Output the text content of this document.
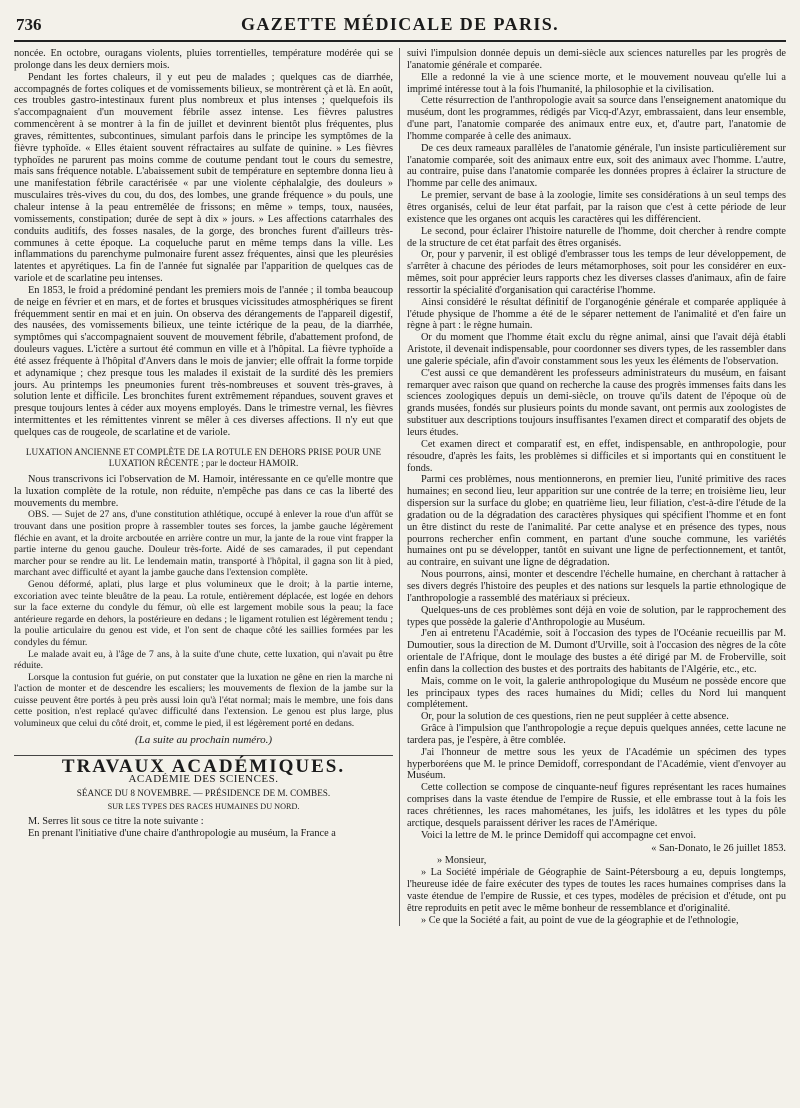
736	GAZETTE MÉDICALE DE PARIS.

noncée. En octobre, ouragans violents, pluies torrentielles, température modérée qui se prolonge dans les deux derniers mois.

Pendant les fortes chaleurs, il y eut peu de malades ; quelques cas de diarrhée, accompagnés de fortes coliques et de vomissements bilieux, se montrèrent çà et là. En août, ces troubles gastro-intestinaux furent plus nombreux et plus intenses ; quelquefois ils s'accompagnaient d'un mouvement fébrile assez intense. Les fièvres palustres commencèrent à se montrer à la fin de juillet et devinrent bientôt plus fréquentes, plus graves, rémittentes, subcontinues, simulant parfois dans le principe les symptômes de la fièvre typhoïde. « Elles étaient souvent réfractaires au sulfate de quinine. » Les fièvres typhoïdes ne parurent pas moins comme de coutume pendant tout le cours du semestre, mais sans fréquence notable. L'abaissement subit de température en septembre donna lieu à une manifestation fébrile caractérisée « par une violente céphalalgie, des douleurs » musculaires très-vives du cou, du dos, des lombes, une grande fréquence » du pouls, une chaleur intense à la peau entremêlée de frissons; en même » temps, toux, nausées, vomissements, constipation; durée de sept à dix » jours. » Les affections catarrhales des conduits auditifs, des fosses nasales, de la gorge, des bronches furent d'ailleurs très-communes à cette époque. La coqueluche parut en même temps dans la ville. Les inflammations du parenchyme pulmonaire furent assez fréquentes, ainsi que les pleurésies latentes et apyrétiques. La fin de l'année fut signalée par l'apparition de quelques cas de variole et de scarlatine peu intenses.

En 1853, le froid a prédominé pendant les premiers mois de l'année ; il tomba beaucoup de neige en février et en mars, et de fortes et brusques vicissitudes atmosphériques se firent fréquemment sentir en mai et en juin. On observa des dérangements de l'appareil digestif, des nausées, des vomissements bilieux, une teinte ictérique de la peau, de la diarrhée, symptômes qui s'accompagnaient souvent de mouvement fébrile, d'abattement profond, de douleurs vagues. L'ictère a surtout été commun en ville et à l'hôpital. La fièvre typhoïde a été assez fréquente à l'hôpital d'Anvers dans le mois de janvier; elle offrait la forme torpide et adynamique ; chez presque tous les malades il existait de la surdité dès les premiers jours. Au printemps les pneumonies furent très-nombreuses et souvent très-graves, à solution lente et difficile. Les bronchites furent extrêmement répandues, souvent graves et presque toujours lentes à céder aux moyens employés. Dans le trimestre vernal, les fièvres intermittentes et les rémittentes vinrent se mêler à ces diverses affections. Il n'y eut que quelques cas de rougeole, de scarlatine et de variole.

LUXATION ANCIENNE ET COMPLÈTE DE LA ROTULE EN DEHORS PRISE POUR UNE LUXATION RÉCENTE ; par le docteur HAMOIR.

Nous transcrivons ici l'observation de M. Hamoir, intéressante en ce qu'elle montre que la luxation complète de la rotule, non réduite, n'empêche pas dans ce cas la liberté des mouvements du membre.

OBS. — Sujet de 27 ans, d'une constitution athlétique, occupé à enlever la roue d'un affût se trouvant dans une position propre à rassembler toutes ses forces, la jambe gauche légèrement fléchie en avant, et la droite arcboutée en arrière contre un mur, la jante de la roue vint frapper la partie interne du genou gauche. Douleur très-forte. Aidé de ses camarades, il put cependant marcher pour se rendre au lit. Le lendemain matin, transporté à l'hôpital, il gagna son lit à pied, marchant avec difficulté et ayant la jambe gauche dans l'extension complète.

Genou déformé, aplati, plus large et plus volumineux que le droit; à la partie interne, excoriation avec teinte bleuâtre de la peau. La rotule, entièrement déplacée, est logée en dehors sur la face externe du condyle du fémur, où elle est largement mobile sous la peau; la face antérieure regarde en dehors, la postérieure en dedans ; le ligament rotulien est légèrement tendu ; la poulie articulaire du genou est vide, et l'on sent de chaque côté les saillies formées par les condyles du fémur.

Le malade avait eu, à l'âge de 7 ans, à la suite d'une chute, cette luxation, qui n'avait pu être réduite.

Lorsque la contusion fut guérie, on put constater que la luxation ne gêne en rien la marche ni l'action de monter et de descendre les escaliers; les mouvements de flexion de la jambe sur la cuisse peuvent être portés à peu près aussi loin qu'à l'état normal; mais le membre, une fois dans cette position, n'est replacé qu'avec difficulté dans l'extension. Le genou est plus large, plus volumineux que celui du côté droit, et, comme le pied, il est légèrement porté en dedans.

(La suite au prochain numéro.)

TRAVAUX ACADÉMIQUES.

ACADÉMIE DES SCIENCES.

SÉANCE DU 8 NOVEMBRE. — PRÉSIDENCE DE M. COMBES.

SUR LES TYPES DES RACES HUMAINES DU NORD.

M. Serres lit sous ce titre la note suivante :

En prenant l'initiative d'une chaire d'anthropologie au muséum, la France a

suivi l'impulsion donnée depuis un demi-siècle aux sciences naturelles par les progrès de l'anatomie générale et comparée.

Elle a redonné la vie à une science morte, et le mouvement nouveau qu'elle lui a imprimé intéresse tout à la fois l'humanité, la philosophie et la civilisation.

Cette résurrection de l'anthropologie avait sa source dans l'enseignement anatomique du muséum, dont les programmes, rédigés par Vicq-d'Azyr, embrassaient, dans leur ensemble, d'une part, l'anatomie comparée des animaux entre eux, et, d'autre part, l'anatomie de l'homme comparée à celle des animaux.

De ces deux rameaux parallèles de l'anatomie générale, l'un insiste particulièrement sur l'anatomie comparée, soit des animaux entre eux, soit des animaux avec l'homme. L'autre, au contraire, puise dans l'anatomie comparée les données propres à éclairer la structure de l'homme par celle des animaux.

Le premier, servant de base à la zoologie, limite ses considérations à un seul temps des êtres organisés, celui de leur état parfait, par la raison que c'est à cette période de leur existence que les organes ont acquis les caractères qui les différencient.

Le second, pour éclairer l'histoire naturelle de l'homme, doit chercher à rendre compte de la structure de cet état parfait des êtres organisés.

Or, pour y parvenir, il est obligé d'embrasser tous les temps de leur développement, de s'arrêter à chacune des périodes de leurs métamorphoses, soit pour les considérer en eux-mêmes, soit pour apprécier leurs rapports chez les diverses classes d'animaux, afin de faire ressortir la spécialité d'organisation qui caractérise l'homme.

Ainsi considéré le résultat définitif de l'organogénie générale et comparée appliquée à l'étude physique de l'homme a été de le séparer nettement de l'animalité et d'en faire un règne à part : le règne humain.

Or du moment que l'homme était exclu du règne animal, ainsi que l'avait déjà établi Aristote, il devenait indispensable, pour coordonner ses divers types, de les rassembler dans une galerie spéciale, afin d'avoir constamment sous les yeux les éléments de l'observation.

C'est aussi ce que demandèrent les professeurs administrateurs du muséum, en faisant remarquer avec raison que quand on recherche la cause des progrès immenses faits dans les sciences zoologiques depuis un demi-siècle, on trouve qu'ils datent de l'époque où de grands musées, fondés sur plusieurs points du monde savant, ont permis aux zoologistes de substituer aux descriptions toujours insuffisantes l'examen direct et comparatif des objets de leurs études.

Cet examen direct et comparatif est, en effet, indispensable, en anthropologie, pour résoudre, d'après les faits, les problèmes si difficiles et si importants qui en constituent le fonds.

Parmi ces problèmes, nous mentionnerons, en premier lieu, l'unité primitive des races humaines; en second lieu, leur apparition sur une contrée de la terre; en troisième lieu, leur dispersion sur la surface du globe; en quatrième lieu, leur filiation, c'est-à-dire l'étude de la gradation ou de la dégradation des caractères physiques qui spécifient l'homme et en font un être distinct du reste de l'animalité. Par cette analyse et en présence des types, nous pourrons rechercher enfin comment, en partant d'une souche commune, les variétés humaines ont pu se développer, tantôt en suivant une ligne de perfectionnement, et tantôt, au contraire, en suivant une ligne de dégradation.

Nous pourrons, ainsi, monter et descendre l'échelle humaine, en cherchant à rattacher à ses divers degrés l'histoire des peuples et des nations sur lesquels la partie ethnologique de l'anthropologie a rassemblé des matériaux si précieux.

Quelques-uns de ces problèmes sont déjà en voie de solution, par le rapprochement des types que possède la galerie d'Anthropologie au Muséum.

J'en ai entretenu l'Académie, soit à l'occasion des types de l'Océanie recueillis par M. Dumoutier, sous la direction de M. Dumont d'Urville, soit à l'occasion des nègres de la côte orientale de l'Afrique, dont le moulage des bustes a été dirigé par M. de Froberville, soit enfin dans la collection des bustes et des portraits des habitants de l'Algérie, etc., etc.

Mais, comme on le voit, la galerie anthropologique du Muséum ne possède encore que les principaux types des races humaines du Midi; celles du Nord lui manquent complétement.

Or, pour la solution de ces questions, rien ne peut suppléer à cette absence.

Grâce à l'impulsion que l'anthropologie a reçue depuis quelques années, cette lacune ne tardera pas, je l'espère, à être comblée.

J'ai l'honneur de mettre sous les yeux de l'Académie un spécimen des types hyperboréens que M. le prince Demidoff, correspondant de l'Académie, vient d'envoyer au Muséum.

Cette collection se compose de cinquante-neuf figures représentant les races humaines comprises dans la vaste étendue de l'empire de Russie, et elle embrasse tout à la fois les races chrétiennes, les races mahométanes, les juifs, les idolâtres et les types du pôle arctique, desquels paraissent dériver les races de l'Amérique.

Voici la lettre de M. le prince Demidoff qui accompagne cet envoi.

« San-Donato, le 26 juillet 1853.

» Monsieur,

» La Société impériale de Géographie de Saint-Pétersbourg a eu, depuis longtemps, l'heureuse idée de faire exécuter des types de toutes les races humaines comprises dans la vaste étendue de l'empire de Russie, et ces types, modèles de précision et d'étude, ont pu être reproduits en petit avec le même bonheur de ressemblance et d'originalité.

» Ce que la Société a fait, au point de vue de la géographie et de l'ethnologie,
